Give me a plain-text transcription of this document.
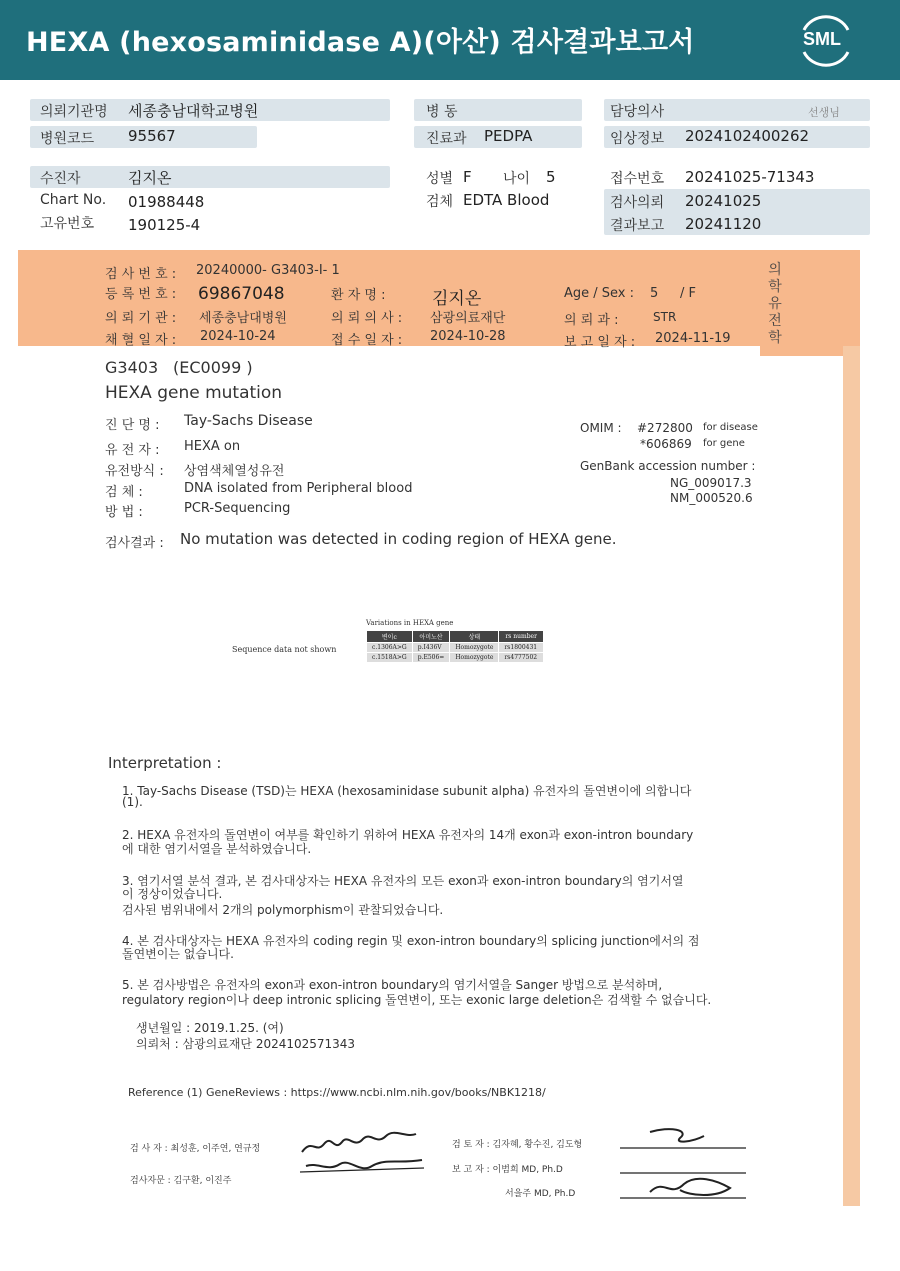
HEXA (hexosaminidase A)(아산) 검사결과보고서	SML
의뢰기관명 세종충남대학교병원
병원코드 95567
병 동
진료과 PEDPA
담당의사	선생님
임상정보 2024102400262
수진자	김지온
Chart No. 01988448
고유번호 190125-4
성별 F 나이 5
검체 EDTA Blood
접수번호 20241025-71343
검사의뢰 20241025
결과보고 20241120
검 사 번 호 : 20240000- G3403-I- 1
등 록 번 호 : 69867048	환 자 명 :	김지온	Age / Sex : 5 / F
의 뢰 기 관 : 세종충남대병원	의 뢰 의 사 : 삼광의료재단	의 뢰 과 :	STR
채 혈 일 자 : 2024-10-24	접 수 일 자 : 2024-10-28	보 고 일 자 : 2024-11-19
의
학
유
전
학
G3403 (EC0099 )
HEXA gene mutation
진 단 명 : Tay-Sachs Disease
유 전 자 : HEXA on
유전방식 : 상염색체열성유전
검 체 :	DNA isolated from Peripheral blood
방 법 :	PCR-Sequencing
OMIM : #272800 for disease
*606869 for gene
GenBank accession number :
NG_009017.3
NM_000520.6
검사결과 : No mutation was detected in coding region of HEXA gene.
Sequence data not shown
Variations in HEXA gene
변이c	아미노산	상태	rs number
c.1306A>G	p.I436V	Homozygote	rs1800431
c.1518A>G	p.E506=	Homozygote	rs4777502
Interpretation :

1. Tay-Sachs Disease (TSD)는 HEXA (hexosaminidase subunit alpha) 유전자의 돌연변이에 의합니다

(1).

2. HEXA 유전자의 돌연변이 여부를 확인하기 위하여 HEXA 유전자의 14개 exon과 exon-intron boundary

에 대한 염기서열을 분석하였습니다.

3. 염기서열 분석 결과, 본 검사대상자는 HEXA 유전자의 모든 exon과 exon-intron boundary의 염기서열

이 정상이었습니다.

검사된 범위내에서 2개의 polymorphism이 관찰되었습니다.

4. 본 검사대상자는 HEXA 유전자의 coding regin 및 exon-intron boundary의 splicing junction에서의 점

돌연변이는 없습니다.

5. 본 검사방법은 유전자의 exon과 exon-intron boundary의 염기서열을 Sanger 방법으로 분석하며,

regulatory region이나 deep intronic splicing 돌연변이, 또는 exonic large deletion은 검색할 수 없습니다.

생년월일 : 2019.1.25. (여)
의뢰처 : 삼광의료재단 2024102571343
Reference (1) GeneReviews : https://www.ncbi.nlm.nih.gov/books/NBK1218/
검 사 자 : 최성훈, 이주연, 연규정
검사자문 : 김구환, 이진주
검 토 자 : 김자혜, 황수진, 김도형
보 고 자 : 이범희 MD, Ph.D
서을주 MD, Ph.D
